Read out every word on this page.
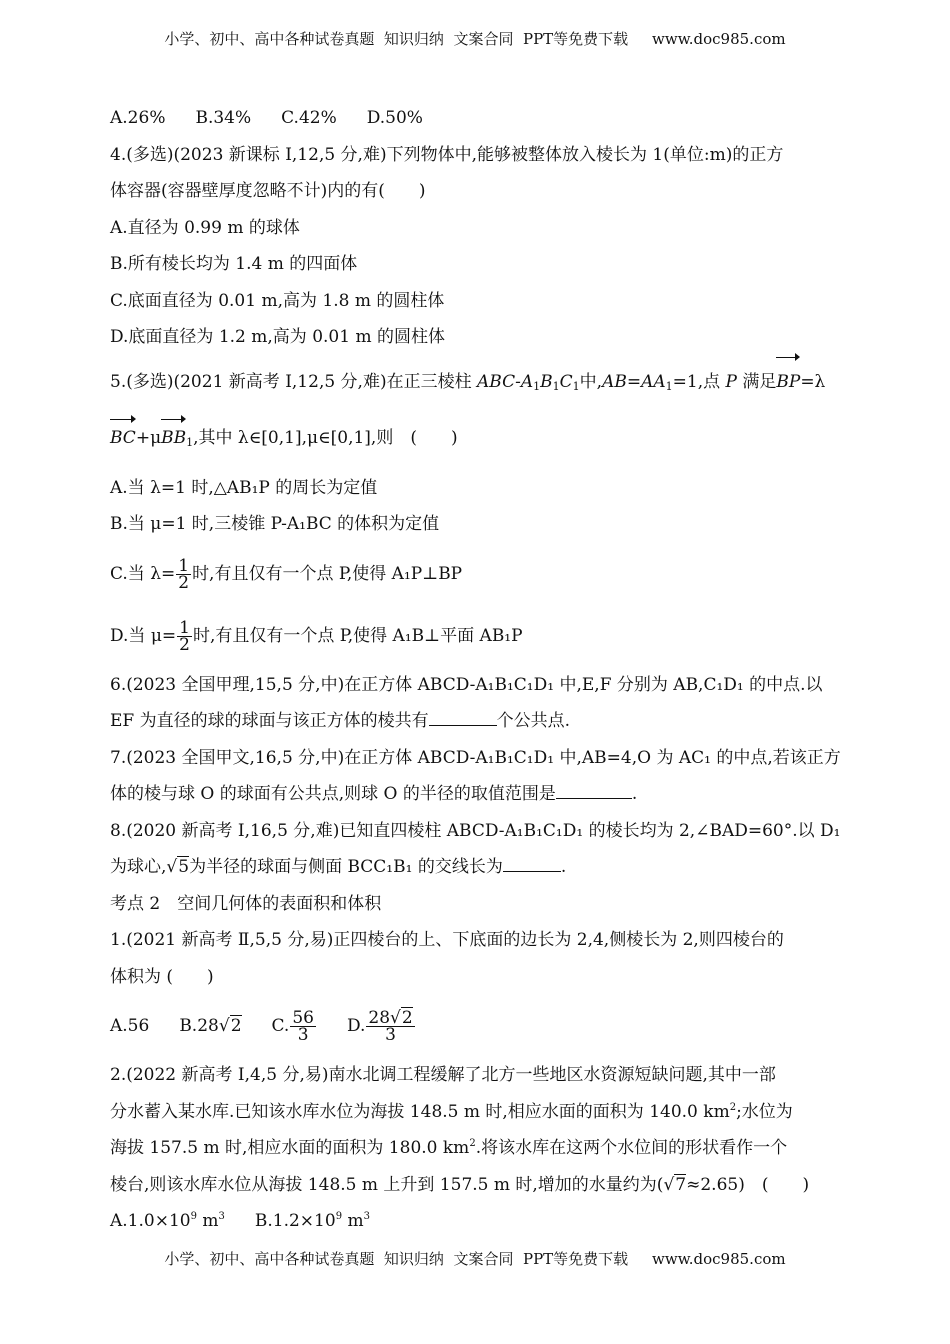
小学、初中、高中各种试卷真题  知识归纳  文案合同  PPT等免费下载     www.doc985.com
A.26% B.34% C.42% D.50%
4.(多选)(2023 新课标 Ⅰ,12,5 分,难)下列物体中,能够被整体放入棱长为 1(单位:m)的正方
体容器(容器壁厚度忽略不计)内的有(　　)
A.直径为 0.99 m 的球体
B.所有棱长均为 1.4 m 的四面体
C.底面直径为 0.01 m,高为 1.8 m 的圆柱体
D.底面直径为 1.2 m,高为 0.01 m 的圆柱体
5.(多选)(2021 新高考 Ⅰ,12,5 分,难)在正三棱柱 ABC-$A_1B_1C_1$中$,AB=AA_1=1$,点 P 满足BP=λ
BC+μBB$_1$,其中 λ∈[0,1],μ∈[0,1],则　(　　)
A.当 λ=1 时,△AB₁P 的周长为定值
B.当 μ=1 时,三棱锥 P-A₁BC 的体积为定值
C.当 $\lambda= \frac{1}{2}$ 时,有且仅有一个点 P,使得 A₁P⊥BP
D.当 $\mu= \frac{1}{2}$ 时,有且仅有一个点 P,使得 A₁B⊥平面 AB₁P
6.(2023 全国甲理,15,5 分,中)在正方体 ABCD-A₁B₁C₁D₁ 中,E,F 分别为 AB,C₁D₁ 的中点.以
EF 为直径的球的球面与该正方体的棱共有	个公共点.
7.(2023 全国甲文,16,5 分,中)在正方体 ABCD-A₁B₁C₁D₁ 中,AB=4,O 为 AC₁ 的中点,若该正方
体的棱与球 O 的球面有公共点,则球 O 的半径的取值范围是	.
8.(2020 新高考 Ⅰ,16,5 分,难)已知直四棱柱 ABCD-A₁B₁C₁D₁ 的棱长均为 2,∠BAD=60°.以 D₁
为球心,√5为半径的球面与侧面 BCC₁B₁ 的交线长为	.
考点 2　空间几何体的表面积和体积
1.(2021 新高考 Ⅱ,5,5 分,易)正四棱台的上、下底面的边长为 2,4,侧棱长为 2,则四棱台的
体积为 (　　)
A.56 B.28√2 C. $\frac{56}{3} D$. $\frac{28√2}{3}$
2.(2022 新高考 Ⅰ,4,5 分,易)南水北调工程缓解了北方一些地区水资源短缺问题,其中一部
分水蓄入某水库.已知该水库水位为海拔 148.5 m 时,相应水面的面积为 140.0 $km^2$;水位为
海拔 157.5 m 时,相应水面的面积为 180.0 $km^2$.将该水库在这两个水位间的形状看作一个
棱台,则该水库水位从海拔 148.5 m 上升到 157.5 m 时,增加的水量约为(√7≈2.65)　(　　)
$A.1.0\times 10^9$ $m^3$ $B.1.2\times 10^9$ $m^3$
小学、初中、高中各种试卷真题  知识归纳  文案合同  PPT等免费下载     www.doc985.com
